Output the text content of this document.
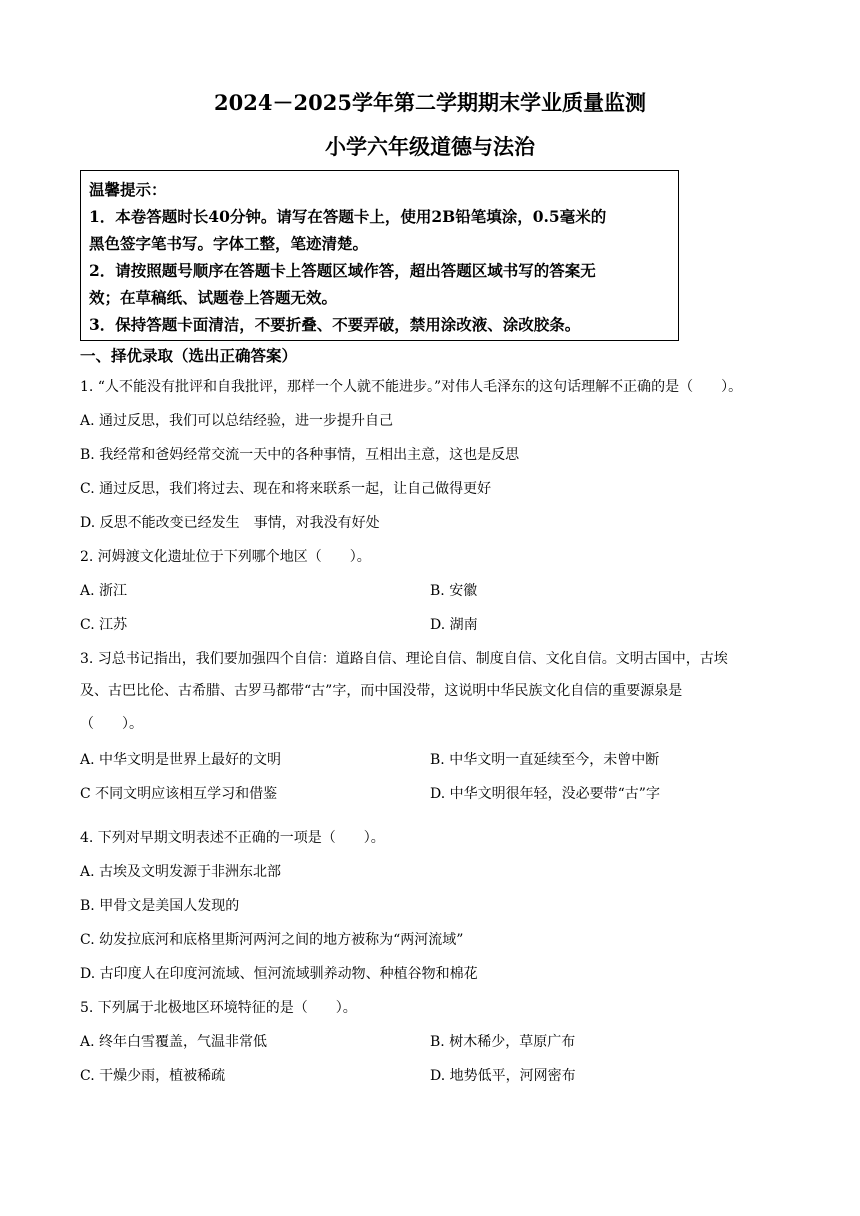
2024－2025学年第二学期期末学业质量监测
小学六年级道德与法治
温馨提示：
1．本卷答题时长40分钟。请写在答题卡上，使用2B铅笔填涂，0.5毫米的
黑色签字笔书写。字体工整，笔迹清楚。
2．请按照题号顺序在答题卡上答题区域作答，超出答题区域书写的答案无
效；在草稿纸、试题卷上答题无效。
3．保持答题卡面清洁，不要折叠、不要弄破，禁用涂改液、涂改胶条。
一、择优录取（选出正确答案）
1. “人不能没有批评和自我批评，那样一个人就不能进步。”对伟人毛泽东的这句话理解不正确的是（　　）。
A. 通过反思，我们可以总结经验，进一步提升自己
B. 我经常和爸妈经常交流一天中的各种事情，互相出主意，这也是反思
C. 通过反思，我们将过去、现在和将来联系一起，让自己做得更好
D. 反思不能改变已经发生　事情，对我没有好处
2. 河姆渡文化遗址位于下列哪个地区（　　）。
A. 浙江	B. 安徽
C. 江苏	D. 湖南
3. 习总书记指出，我们要加强四个自信：道路自信、理论自信、制度自信、文化自信。文明古国中，古埃
及、古巴比伦、古希腊、古罗马都带“古”字，而中国没带，这说明中华民族文化自信的重要源泉是
（　　）。
A. 中华文明是世界上最好的文明	B. 中华文明一直延续至今，未曾中断
C 不同文明应该相互学习和借鉴	D. 中华文明很年轻，没必要带“古”字
4. 下列对早期文明表述不正确的一项是（　　）。
A. 古埃及文明发源于非洲东北部
B. 甲骨文是美国人发现的
C. 幼发拉底河和底格里斯河两河之间的地方被称为“两河流域”
D. 古印度人在印度河流域、恒河流域驯养动物、种植谷物和棉花
5. 下列属于北极地区环境特征的是（　　）。
A. 终年白雪覆盖，气温非常低	B. 树木稀少，草原广布
C. 干燥少雨，植被稀疏	D. 地势低平，河网密布
